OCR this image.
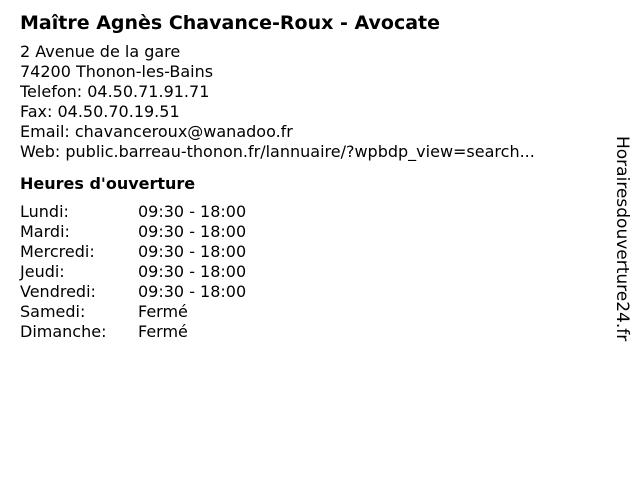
Maître Agnès Chavance-Roux - Avocate
2 Avenue de la gare
74200 Thonon-les-Bains
Telefon: 04.50.71.91.71
Fax: 04.50.70.19.51
Email: chavanceroux@wanadoo.fr
Web: public.barreau-thonon.fr/lannuaire/?wpbdp_view=search...
Heures d'ouverture
Lundi:	09:30 - 18:00
Mardi:	09:30 - 18:00
Mercredi:	09:30 - 18:00
Jeudi:	09:30 - 18:00
Vendredi:	09:30 - 18:00
Samedi:	Fermé
Dimanche:	Fermé	Horairesdouverture24.fr
